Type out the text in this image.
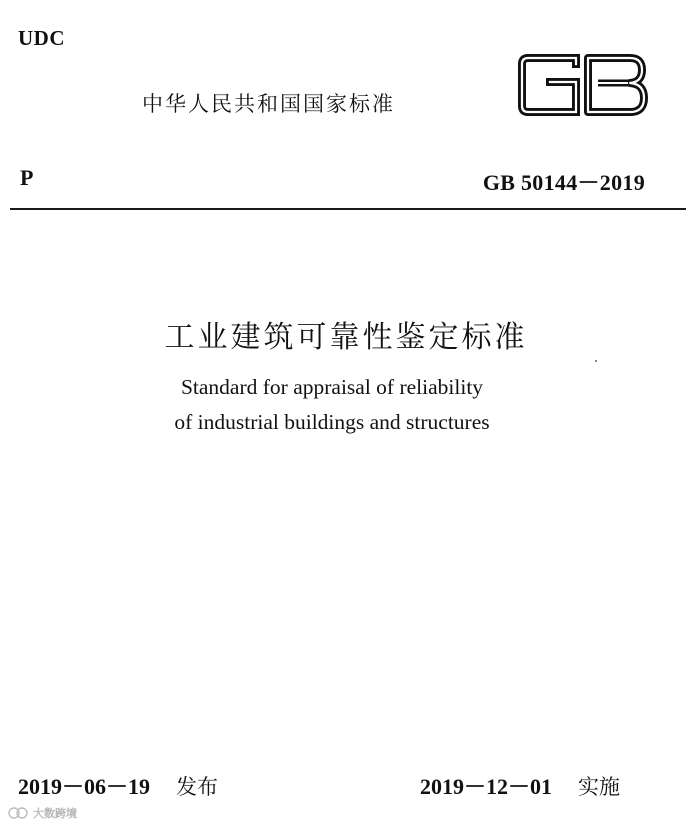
UDC
中华人民共和国国家标准
P	GB 50144－2019
工业建筑可靠性鉴定标准
Standard for appraisal of reliability
of industrial buildings and structures
2019－06－19 发布	2019－12－01 实施
大数跨境
